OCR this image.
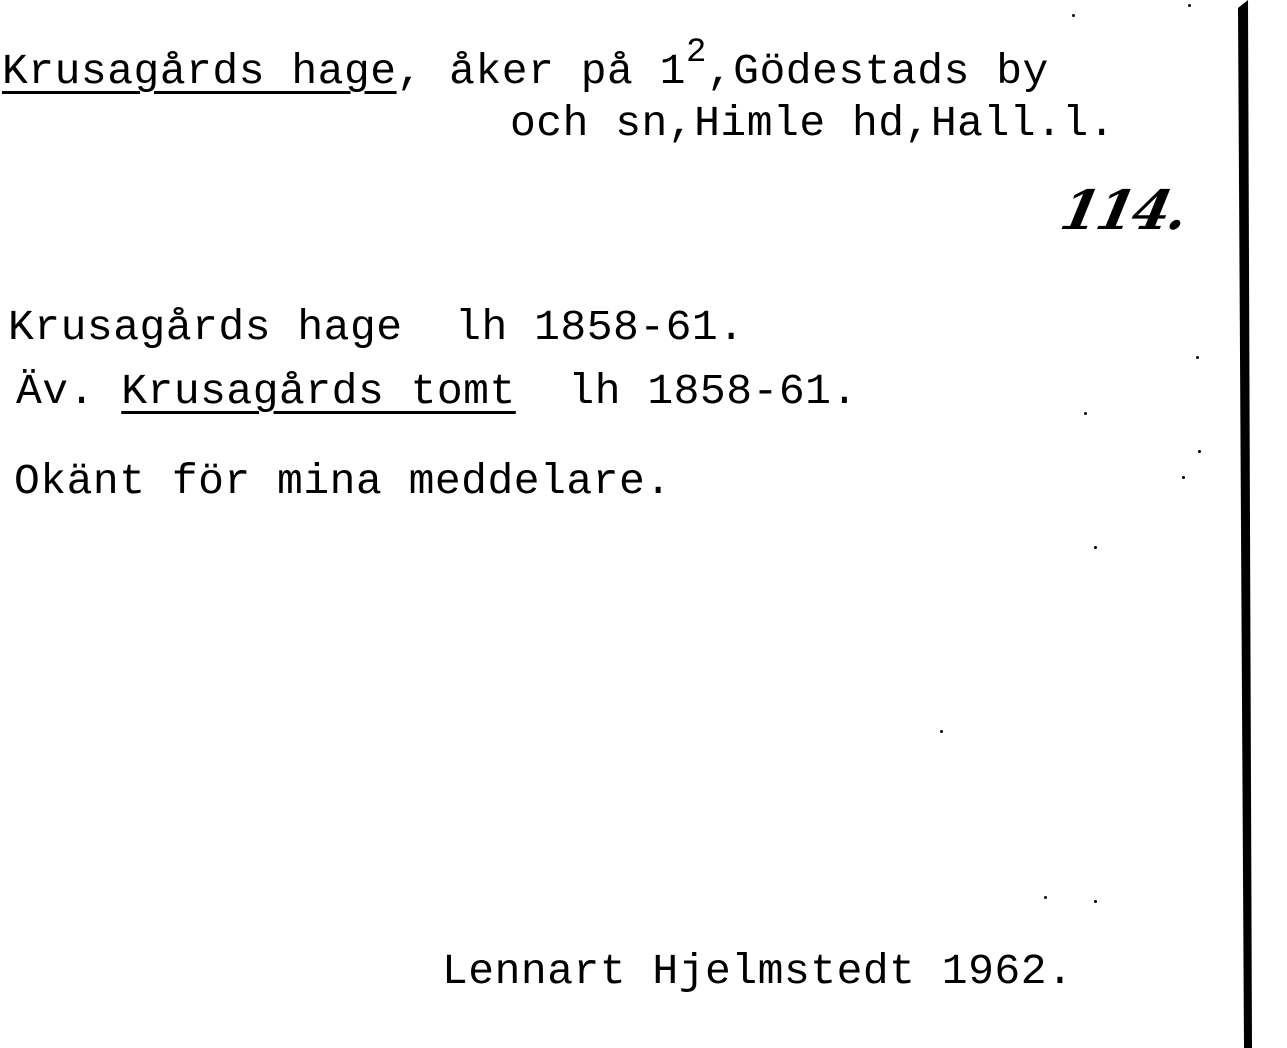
Krusagårds hage, åker på $1^2,Gödestads$ by
och sn,Himle hd,Hall.l.
114.
Krusagårds hage  lh 1858-61.
Äv. Krusagårds tomt  lh 1858-61.
Okänt för mina meddelare.
Lennart Hjelmstedt 1962.
